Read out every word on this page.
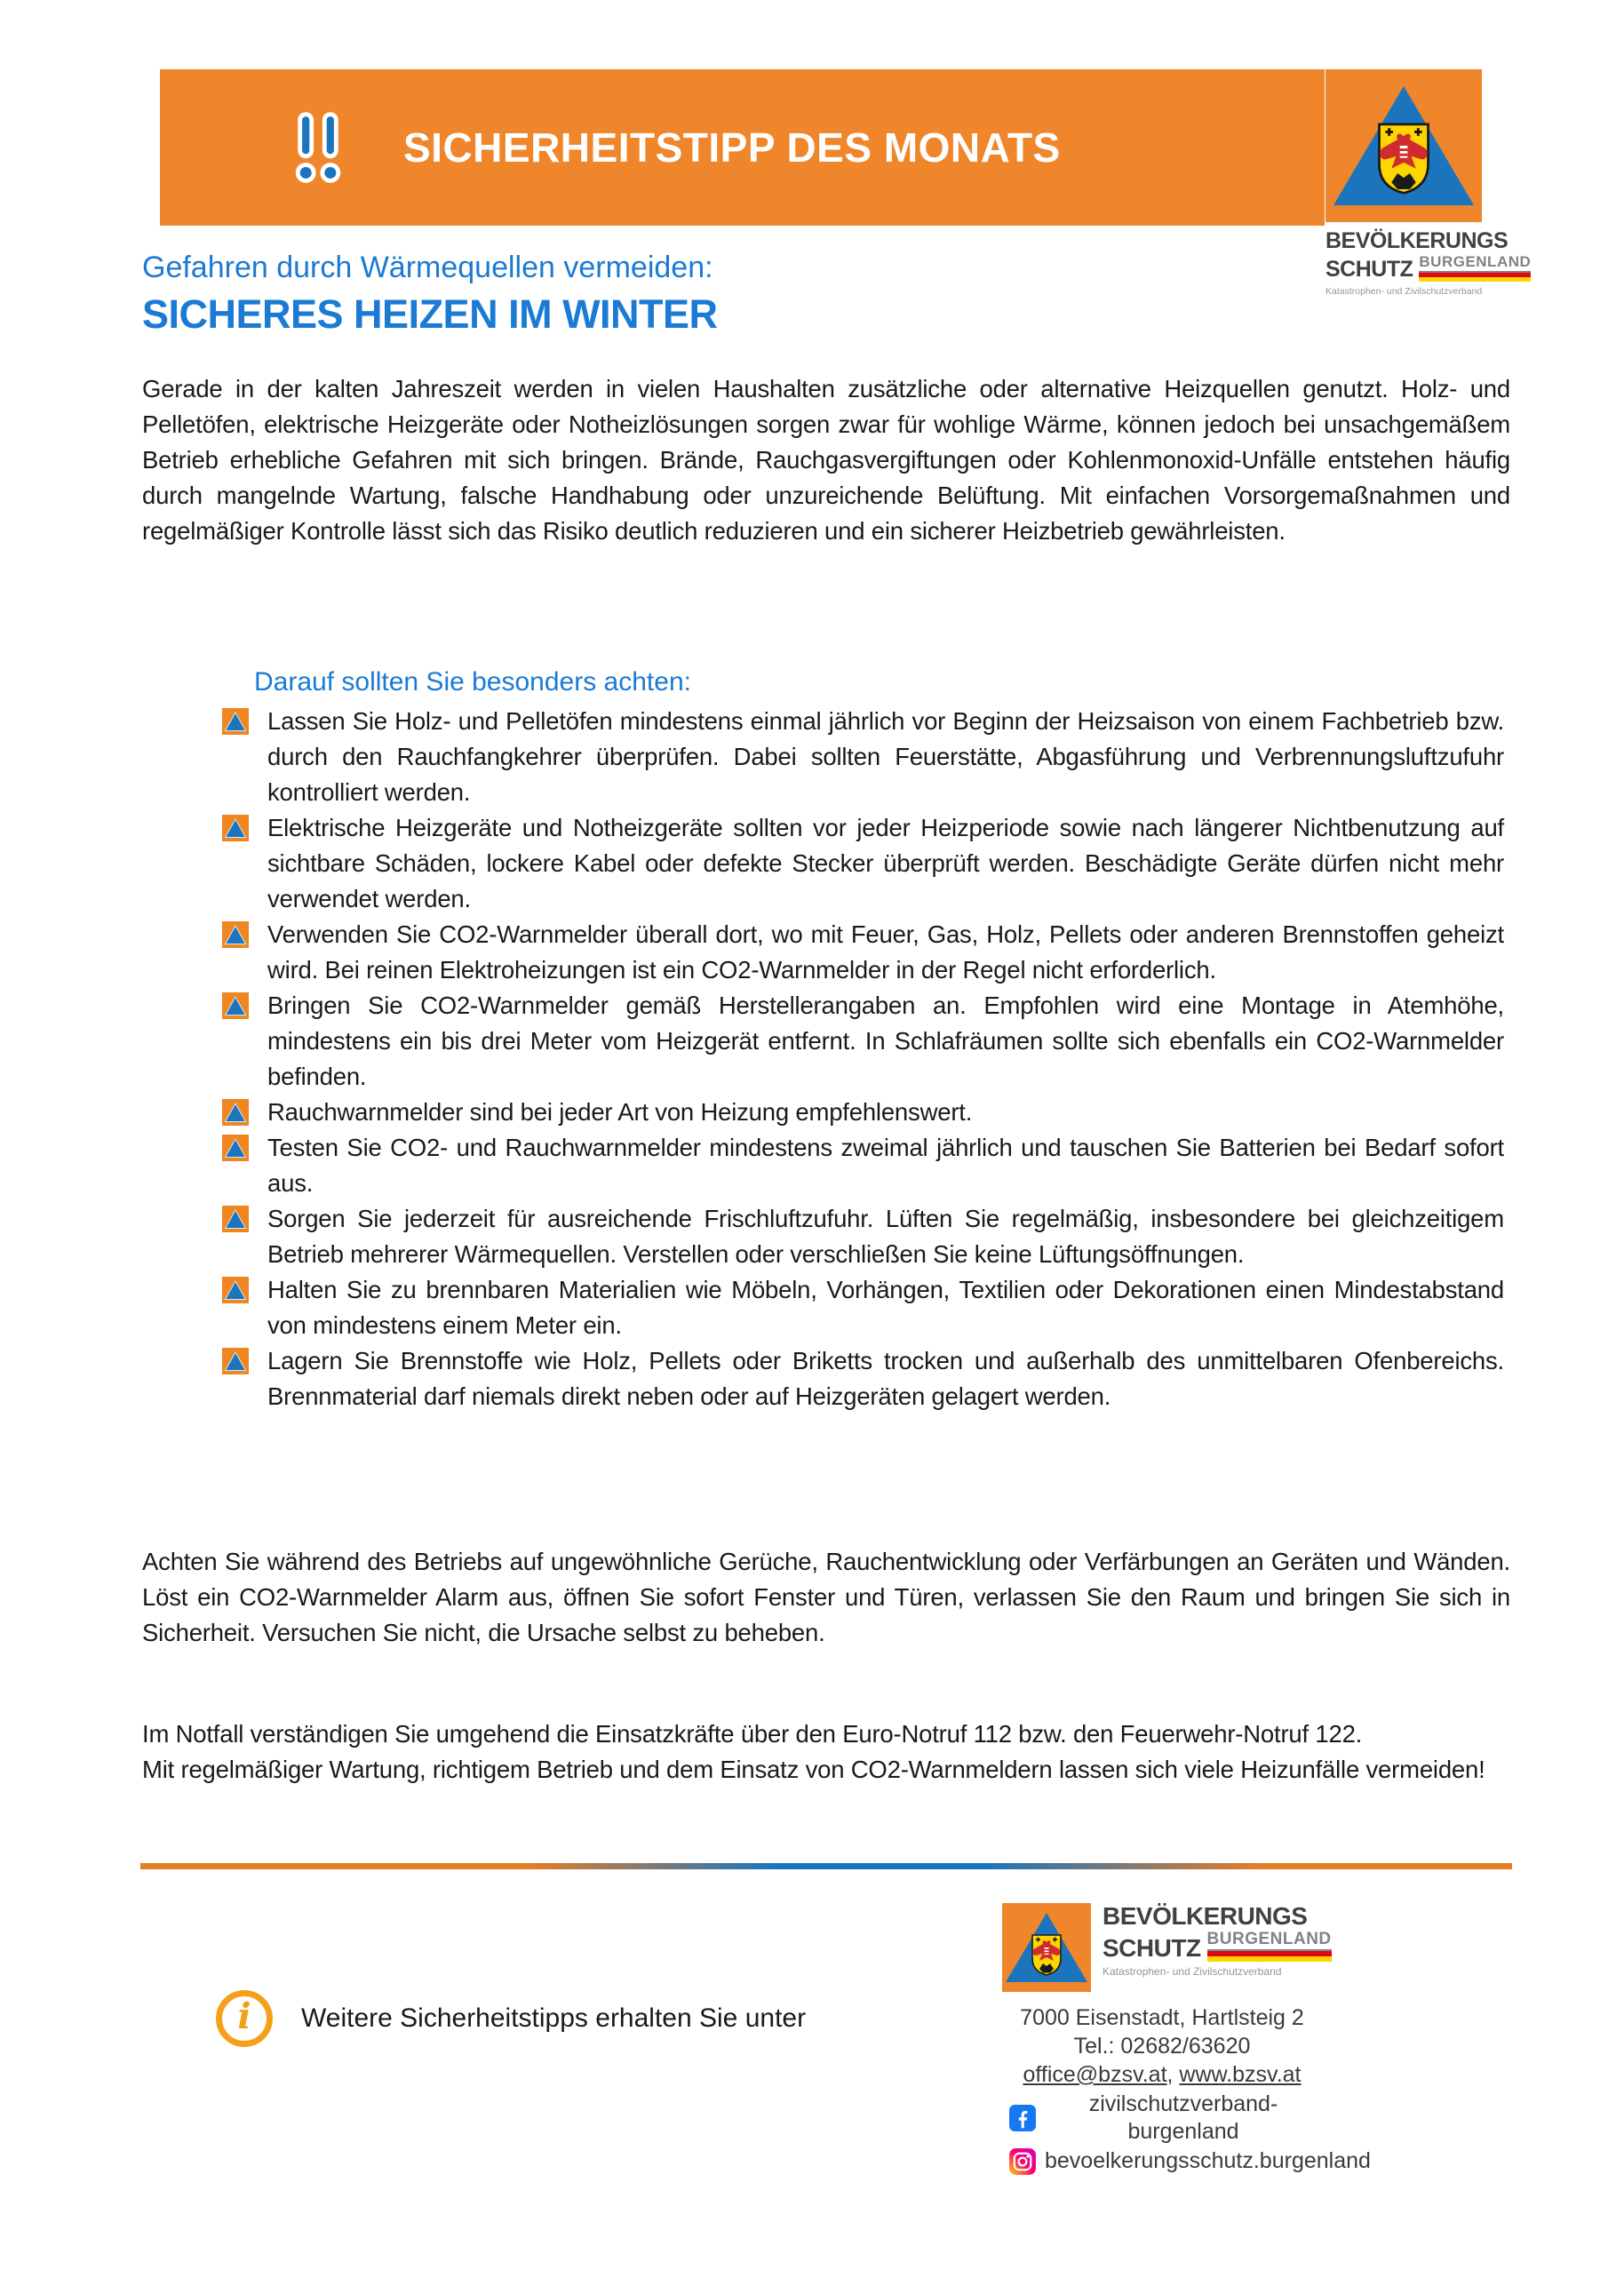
SICHERHEITSTIPP DES MONATS
BEVÖLKERUNGS
SCHUTZ BURGENLAND
Katastrophen- und Zivilschutzverband
Gefahren durch Wärmequellen vermeiden:
SICHERES HEIZEN IM WINTER
Gerade in der kalten Jahreszeit werden in vielen Haushalten zusätzliche oder alternative Heizquellen genutzt. Holz- und Pelletöfen, elektrische Heizgeräte oder Notheizlösungen sorgen zwar für wohlige Wärme, können jedoch bei unsachgemäßem Betrieb erhebliche Gefahren mit sich bringen. Brände, Rauchgasvergiftungen oder Kohlenmonoxid-Unfälle entstehen häufig durch mangelnde Wartung, falsche Handhabung oder unzureichende Belüftung. Mit einfachen Vorsorgemaßnahmen und regelmäßiger Kontrolle lässt sich das Risiko deutlich reduzieren und ein sicherer Heizbetrieb gewährleisten.
Darauf sollten Sie besonders achten:
Lassen Sie Holz- und Pelletöfen mindestens einmal jährlich vor Beginn der Heizsaison von einem Fachbetrieb bzw. durch den Rauchfangkehrer überprüfen. Dabei sollten Feuerstätte, Abgasführung und Verbrennungsluftzufuhr kontrolliert werden.
Elektrische Heizgeräte und Notheizgeräte sollten vor jeder Heizperiode sowie nach längerer Nichtbenutzung auf sichtbare Schäden, lockere Kabel oder defekte Stecker überprüft werden. Beschädigte Geräte dürfen nicht mehr verwendet werden.
Verwenden Sie CO2-Warnmelder überall dort, wo mit Feuer, Gas, Holz, Pellets oder anderen Brennstoffen geheizt wird. Bei reinen Elektroheizungen ist ein CO2-Warnmelder in der Regel nicht erforderlich.
Bringen Sie CO2-Warnmelder gemäß Herstellerangaben an. Empfohlen wird eine Montage in Atemhöhe, mindestens ein bis drei Meter vom Heizgerät entfernt. In Schlafräumen sollte sich ebenfalls ein CO2-Warnmelder befinden.
Rauchwarnmelder sind bei jeder Art von Heizung empfehlenswert.
Testen Sie CO2- und Rauchwarnmelder mindestens zweimal jährlich und tauschen Sie Batterien bei Bedarf sofort aus.
Sorgen Sie jederzeit für ausreichende Frischluftzufuhr. Lüften Sie regelmäßig, insbesondere bei gleichzeitigem Betrieb mehrerer Wärmequellen. Verstellen oder verschließen Sie keine Lüftungsöffnungen.
Halten Sie zu brennbaren Materialien wie Möbeln, Vorhängen, Textilien oder Dekorationen einen Mindestabstand von mindestens einem Meter ein.
Lagern Sie Brennstoffe wie Holz, Pellets oder Briketts trocken und außerhalb des unmittelbaren Ofenbereichs. Brennmaterial darf niemals direkt neben oder auf Heizgeräten gelagert werden.
Achten Sie während des Betriebs auf ungewöhnliche Gerüche, Rauchentwicklung oder Verfärbungen an Geräten und Wänden. Löst ein CO2-Warnmelder Alarm aus, öffnen Sie sofort Fenster und Türen, verlassen Sie den Raum und bringen Sie sich in Sicherheit. Versuchen Sie nicht, die Ursache selbst zu beheben.
Im Notfall verständigen Sie umgehend die Einsatzkräfte über den Euro-Notruf 112 bzw. den Feuerwehr-Notruf 122.
Mit regelmäßiger Wartung, richtigem Betrieb und dem Einsatz von CO2-Warnmeldern lassen sich viele Heizunfälle vermeiden!
BEVÖLKERUNGS
SCHUTZ BURGENLAND
Katastrophen- und Zivilschutzverband
7000 Eisenstadt, Hartlsteig 2
Tel.: 02682/63620
office@bzsv.at, www.bzsv.at
zivilschutzverband-burgenland
bevoelkerungsschutz.burgenland
i Weitere Sicherheitstipps erhalten Sie unter
